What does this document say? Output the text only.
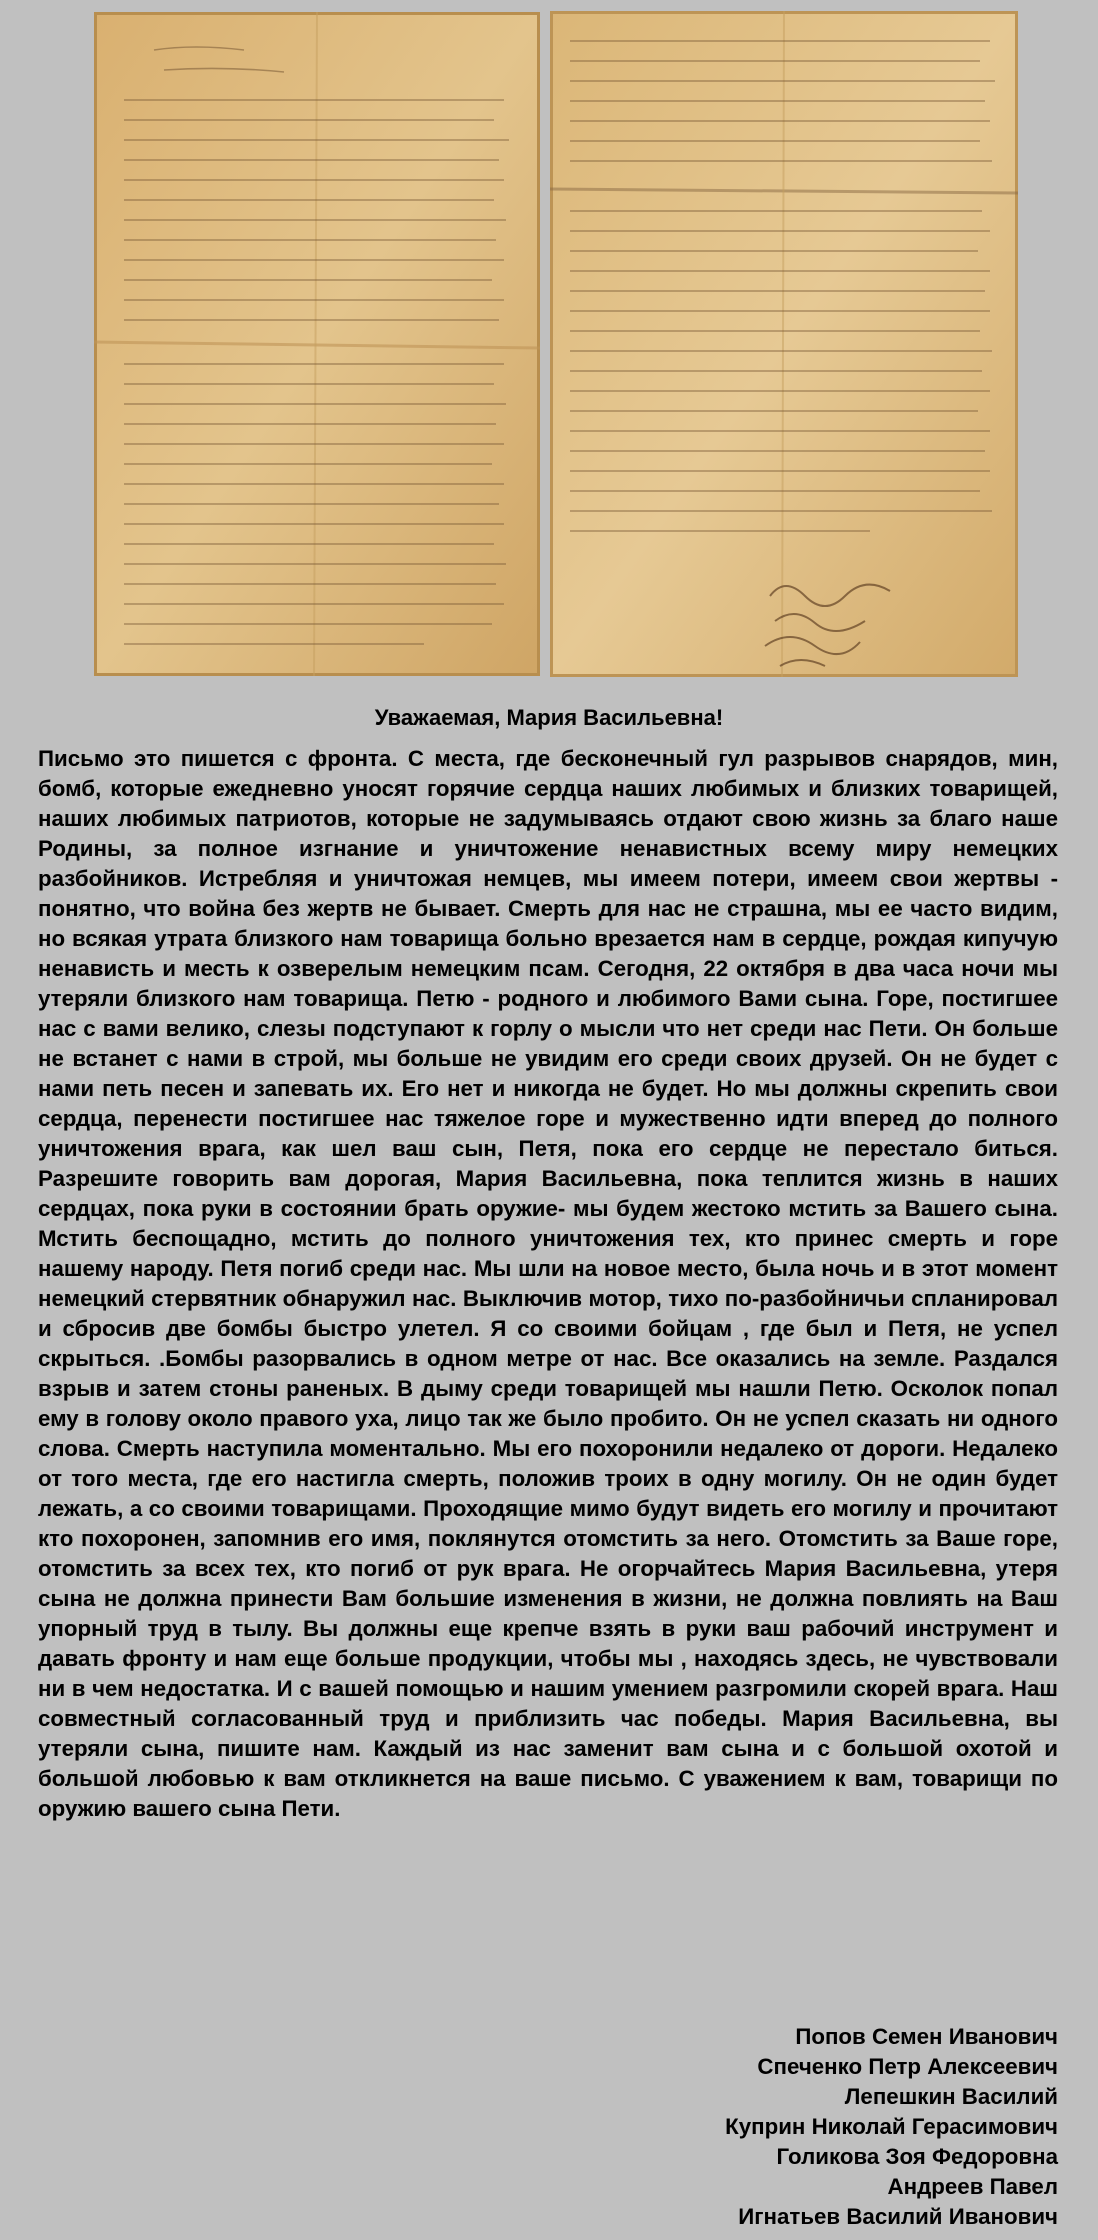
Уважаемая, Мария Васильевна!
Письмо это пишется с фронта. С места, где бесконечный гул разрывов снарядов, мин, бомб, которые ежедневно уносят горячие сердца наших любимых и близких товарищей, наших любимых патриотов, которые не задумываясь отдают свою жизнь за благо наше Родины, за полное изгнание и уничтожение ненавистных всему миру немецких разбойников. Истребляя и уничтожая немцев, мы имеем потери, имеем свои жертвы - понятно, что война без жертв не бывает. Смерть для нас не страшна, мы ее часто видим, но всякая утрата близкого нам товарища больно врезается нам в сердце, рождая кипучую ненависть и месть к озверелым немецким псам. Сегодня, 22 октября в два часа ночи мы утеряли близкого нам товарища. Петю - родного и любимого Вами сына. Горе, постигшее нас с вами велико, слезы подступают к горлу о мысли что нет среди нас Пети. Он больше не встанет с нами в строй, мы больше не увидим его среди своих друзей. Он не будет с нами петь песен и запевать их. Его нет и никогда не будет. Но мы должны скрепить свои сердца, перенести постигшее нас тяжелое горе и мужественно идти вперед до полного уничтожения врага, как шел ваш сын, Петя, пока его сердце не перестало биться. Разрешите говорить вам дорогая, Мария Васильевна, пока теплится жизнь в наших сердцах, пока руки в состоянии брать оружие- мы будем жестоко мстить за Вашего сына. Мстить беспощадно, мстить до полного уничтожения тех, кто принес смерть и горе нашему народу. Петя погиб среди нас. Мы шли на новое место, была ночь и в этот момент немецкий стервятник обнаружил нас. Выключив мотор, тихо по-разбойничьи спланировал и сбросив две бомбы быстро улетел. Я со своими бойцам , где был и Петя, не успел скрыться. .Бомбы разорвались в одном метре от нас. Все оказались на земле. Раздался взрыв и затем стоны раненых. В дыму среди товарищей мы нашли Петю. Осколок попал ему в голову около правого уха, лицо так же было пробито. Он не успел сказать ни одного слова. Смерть наступила моментально. Мы его похоронили недалеко от дороги. Недалеко от того места, где его настигла смерть, положив троих в одну могилу. Он не один будет лежать, а со своими товарищами. Проходящие мимо будут видеть его могилу и прочитают кто похоронен, запомнив его имя, поклянутся отомстить за него. Отомстить за Ваше горе, отомстить за всех тех, кто погиб от рук врага. Не огорчайтесь Мария Васильевна, утеря сына не должна принести Вам большие изменения в жизни, не должна повлиять на Ваш упорный труд в тылу. Вы должны еще крепче взять в руки ваш рабочий инструмент и давать фронту и нам еще больше продукции, чтобы мы , находясь здесь, не чувствовали ни в чем недостатка. И с вашей помощью и нашим умением разгромили скорей врага. Наш совместный согласованный труд и приблизить час победы. Мария Васильевна, вы утеряли сына, пишите нам. Каждый из нас заменит вам сына и с большой охотой и большой любовью к вам откликнется на ваше письмо. С уважением к вам, товарищи по оружию вашего сына Пети.
Попов Семен Иванович
Спеченко Петр Алексеевич
Лепешкин Василий
Куприн Николай Герасимович
Голикова Зоя Федоровна
Андреев Павел
Игнатьев Василий Иванович
